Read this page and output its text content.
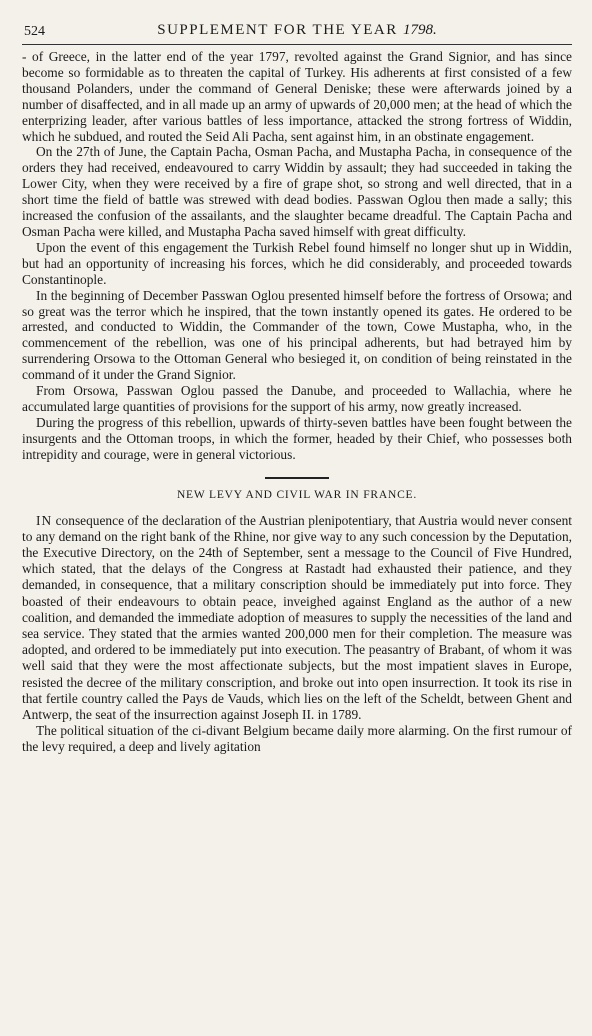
524	SUPPLEMENT FOR THE YEAR 1798.

- of Greece, in the latter end of the year 1797, revolted against the Grand Signior, and has since become so formidable as to threaten the capital of Turkey. His adherents at first consisted of a few thousand Polanders, under the command of General Deniske; these were afterwards joined by a number of disaffected, and in all made up an army of upwards of 20,000 men; at the head of which the enterprizing leader, after various battles of less importance, attacked the strong fortress of Widdin, which he subdued, and routed the Seid Ali Pacha, sent against him, in an obstinate engagement.

On the 27th of June, the Captain Pacha, Osman Pacha, and Mustapha Pacha, in consequence of the orders they had received, endeavoured to carry Widdin by assault; they had succeeded in taking the Lower City, when they were received by a fire of grape shot, so strong and well directed, that in a short time the field of battle was strewed with dead bodies. Passwan Oglou then made a sally; this increased the confusion of the assailants, and the slaughter became dreadful. The Captain Pacha and Osman Pacha were killed, and Mustapha Pacha saved himself with great difficulty.

Upon the event of this engagement the Turkish Rebel found himself no longer shut up in Widdin, but had an opportunity of increasing his forces, which he did considerably, and proceeded towards Constantinople.

In the beginning of December Passwan Oglou presented himself before the fortress of Orsowa; and so great was the terror which he inspired, that the town instantly opened its gates. He ordered to be arrested, and conducted to Widdin, the Commander of the town, Cowe Mustapha, who, in the commencement of the rebellion, was one of his principal adherents, but had betrayed him by surrendering Orsowa to the Ottoman General who besieged it, on condition of being reinstated in the command of it under the Grand Signior.

From Orsowa, Passwan Oglou passed the Danube, and proceeded to Wallachia, where he accumulated large quantities of provisions for the support of his army, now greatly increased.

During the progress of this rebellion, upwards of thirty-seven battles have been fought between the insurgents and the Ottoman troops, in which the former, headed by their Chief, who possesses both intrepidity and courage, were in general victorious.

NEW LEVY AND CIVIL WAR IN FRANCE.

IN consequence of the declaration of the Austrian plenipotentiary, that Austria would never consent to any demand on the right bank of the Rhine, nor give way to any such concession by the Deputation, the Executive Directory, on the 24th of September, sent a message to the Council of Five Hundred, which stated, that the delays of the Congress at Rastadt had exhausted their patience, and they demanded, in consequence, that a military conscription should be immediately put into force. They boasted of their endeavours to obtain peace, inveighed against England as the author of a new coalition, and demanded the immediate adoption of measures to supply the necessities of the land and sea service. They stated that the armies wanted 200,000 men for their completion. The measure was adopted, and ordered to be immediately put into execution. The peasantry of Brabant, of whom it was well said that they were the most affectionate subjects, but the most impatient slaves in Europe, resisted the decree of the military conscription, and broke out into open insurrection. It took its rise in that fertile country called the Pays de Vauds, which lies on the left of the Scheldt, between Ghent and Antwerp, the seat of the insurrection against Joseph II. in 1789.

The political situation of the ci-divant Belgium became daily more alarming. On the first rumour of the levy required, a deep and lively agitation
